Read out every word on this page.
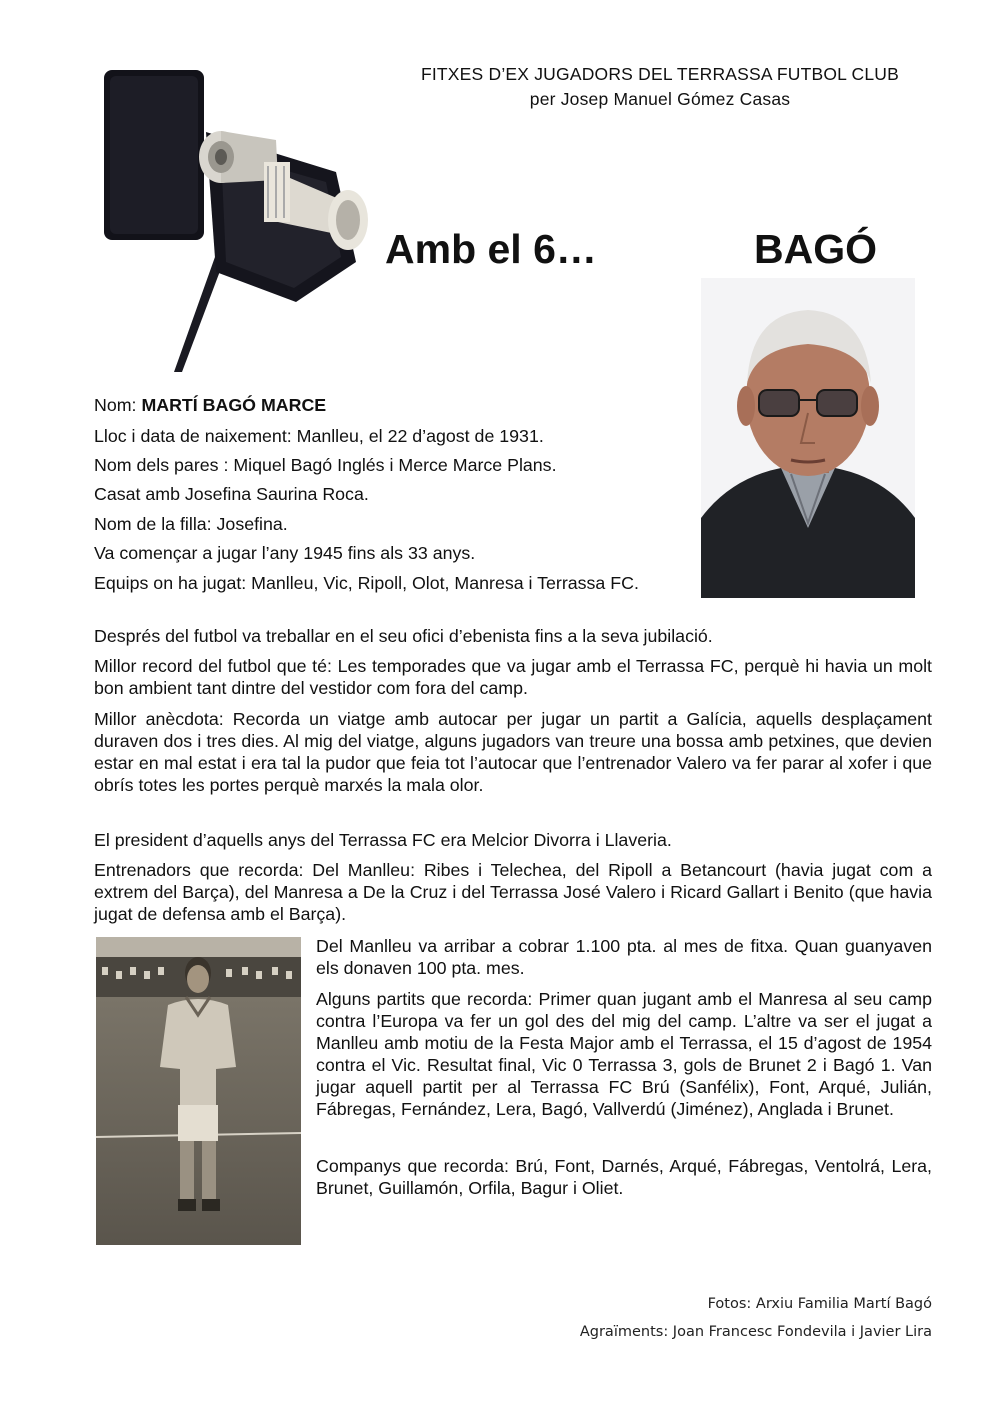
FITXES D’EX JUGADORS DEL TERRASSA FUTBOL CLUB
per Josep Manuel Gómez Casas
Amb el 6…	BAGÓ

Nom: MARTÍ BAGÓ MARCE

Lloc i data de naixement: Manlleu, el 22 d’agost de 1931.

Nom dels pares : Miquel Bagó Inglés i Merce Marce Plans.

Casat amb Josefina Saurina Roca.

Nom de la filla: Josefina.

Va començar a jugar l’any 1945 fins als 33 anys.

Equips on ha jugat: Manlleu, Vic, Ripoll, Olot, Manresa i Terrassa FC.

Després del futbol va treballar en el seu ofici d’ebenista fins a la seva jubilació.

Millor record del futbol que té: Les temporades que va jugar amb el Terrassa FC, perquè hi havia un molt bon ambient tant dintre del vestidor com fora del camp.

Millor anècdota: Recorda un viatge amb autocar per jugar un partit a Galícia, aquells desplaçament duraven dos i tres dies. Al mig del viatge, alguns jugadors van treure una bossa amb petxines, que devien estar en mal estat i era tal la pudor que feia tot l’autocar que l’entrenador Valero va fer parar al xofer i que obrís totes les portes perquè marxés la mala olor.

El president d’aquells anys del Terrassa FC era Melcior Divorra i Llaveria.

Entrenadors que recorda: Del Manlleu: Ribes i Telechea, del Ripoll a Betancourt (havia jugat com a extrem del Barça), del Manresa a De la Cruz i del Terrassa José Valero i Ricard Gallart i Benito (que havia jugat de defensa amb el Barça).

Del Manlleu va arribar a cobrar 1.100 pta. al mes de fitxa. Quan guanyaven els donaven 100 pta. mes.

Alguns partits que recorda: Primer quan jugant amb el Manresa al seu camp contra l’Europa va fer un gol des del mig del camp. L’altre va ser el jugat a Manlleu amb motiu de la Festa Major amb el Terrassa, el 15 d’agost de 1954 contra el Vic. Resultat final, Vic 0 Terrassa 3, gols de Brunet 2 i Bagó 1. Van jugar aquell partit per al Terrassa FC Brú (Sanfélix), Font, Arqué, Julián, Fábregas, Fernández, Lera, Bagó, Vallverdú (Jiménez), Anglada i Brunet.

Companys que recorda: Brú, Font, Darnés, Arqué, Fábregas, Ventolrá, Lera, Brunet, Guillamón, Orfila, Bagur i Oliet.

Fotos: Arxiu Familia Martí Bagó
Agraïments: Joan Francesc Fondevila i Javier Lira
